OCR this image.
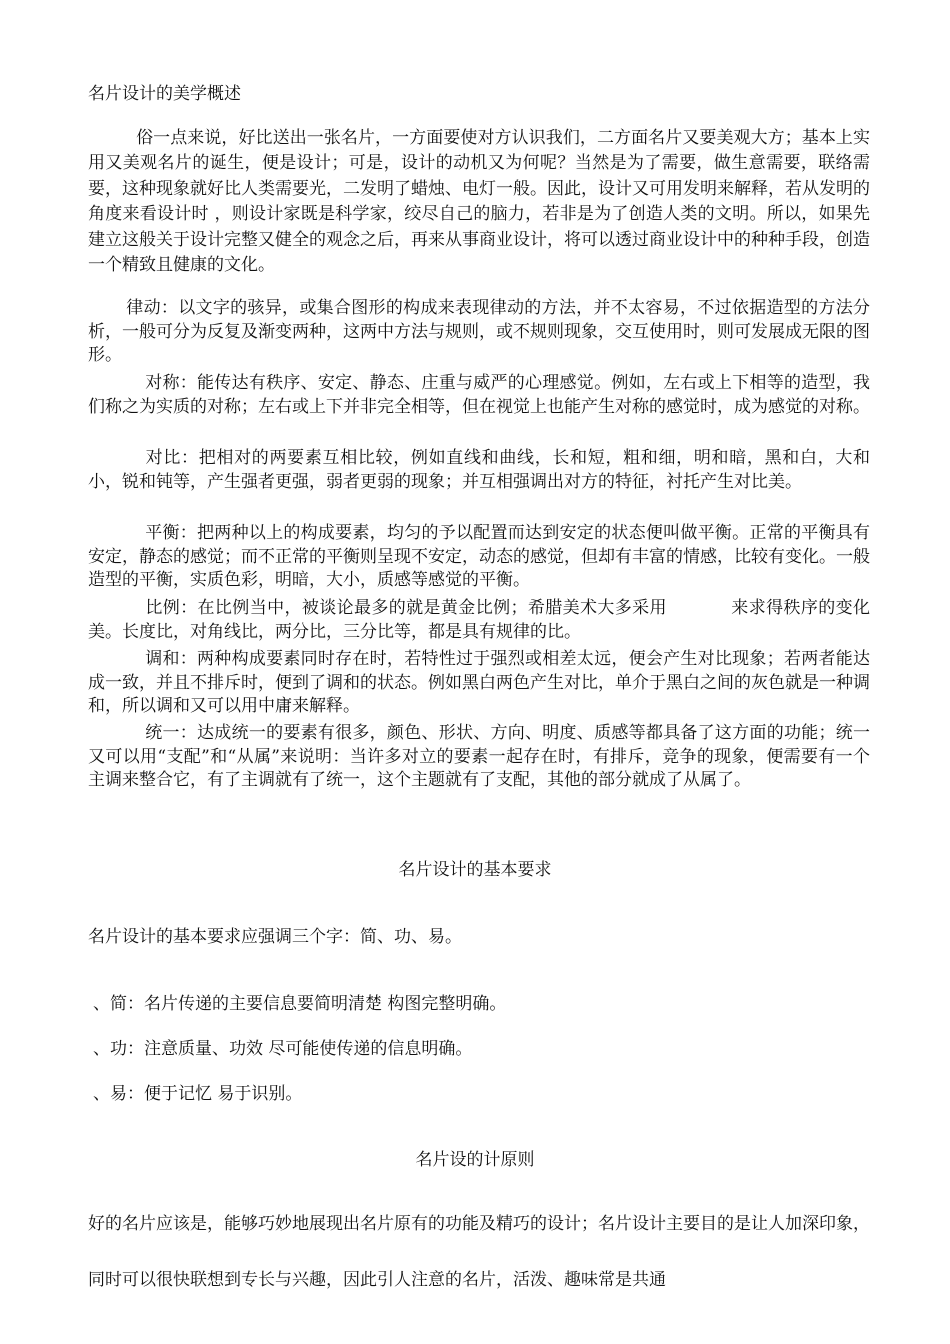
名片设计的美学概述
俗一点来说，好比送出一张名片，一方面要使对方认识我们，二方面名片又要美观大方；基本上实用又美观名片的诞生，便是设计；可是，设计的动机又为何呢？当然是为了需要，做生意需要，联络需要，这种现象就好比人类需要光，二发明了蜡烛、电灯一般。因此，设计又可用发明来解释，若从发明的角度来看设计时 ，则设计家既是科学家，绞尽自己的脑力，若非是为了创造人类的文明。所以，如果先建立这般关于设计完整又健全的观念之后，再来从事商业设计，将可以透过商业设计中的种种手段，创造一个精致且健康的文化。
律动：以文字的骇异，或集合图形的构成来表现律动的方法，并不太容易，不过依据造型的方法分析，一般可分为反复及渐变两种，这两中方法与规则，或不规则现象，交互使用时，则可发展成无限的图形。
对称：能传达有秩序、安定、静态、庄重与威严的心理感觉。例如，左右或上下相等的造型，我们称之为实质的对称；左右或上下并非完全相等，但在视觉上也能产生对称的感觉时，成为感觉的对称。
对比：把相对的两要素互相比较，例如直线和曲线，长和短，粗和细，明和暗，黑和白，大和小，锐和钝等，产生强者更强，弱者更弱的现象；并互相强调出对方的特征，衬托产生对比美。
平衡：把两种以上的构成要素，均匀的予以配置而达到安定的状态便叫做平衡。正常的平衡具有安定，静态的感觉；而不正常的平衡则呈现不安定，动态的感觉，但却有丰富的情感，比较有变化。一般造型的平衡，实质色彩，明暗，大小，质感等感觉的平衡。
比例：在比例当中，被谈论最多的就是黄金比例；希腊美术大多采用	来求得秩序的变化美。长度比，对角线比，两分比，三分比等，都是具有规律的比。
调和：两种构成要素同时存在时，若特性过于强烈或相差太远，便会产生对比现象；若两者能达成一致，并且不排斥时，便到了调和的状态。例如黑白两色产生对比，单介于黑白之间的灰色就是一种调和，所以调和又可以用中庸来解释。
统一：达成统一的要素有很多，颜色、形状、方向、明度、质感等都具备了这方面的功能；统一又可以用“支配”和“从属”来说明：当许多对立的要素一起存在时，有排斥，竞争的现象，便需要有一个主调来整合它，有了主调就有了统一，这个主题就有了支配，其他的部分就成了从属了。
名片设计的基本要求
名片设计的基本要求应强调三个字：简、功、易。
、简：名片传递的主要信息要简明清楚 构图完整明确。
、功：注意质量、功效 尽可能使传递的信息明确。
、易：便于记忆 易于识别。
名片设的计原则
好的名片应该是，能够巧妙地展现出名片原有的功能及精巧的设计；名片设计主要目的是让人加深印象，同时可以很快联想到专长与兴趣，因此引人注意的名片，活泼、趣味常是共通
